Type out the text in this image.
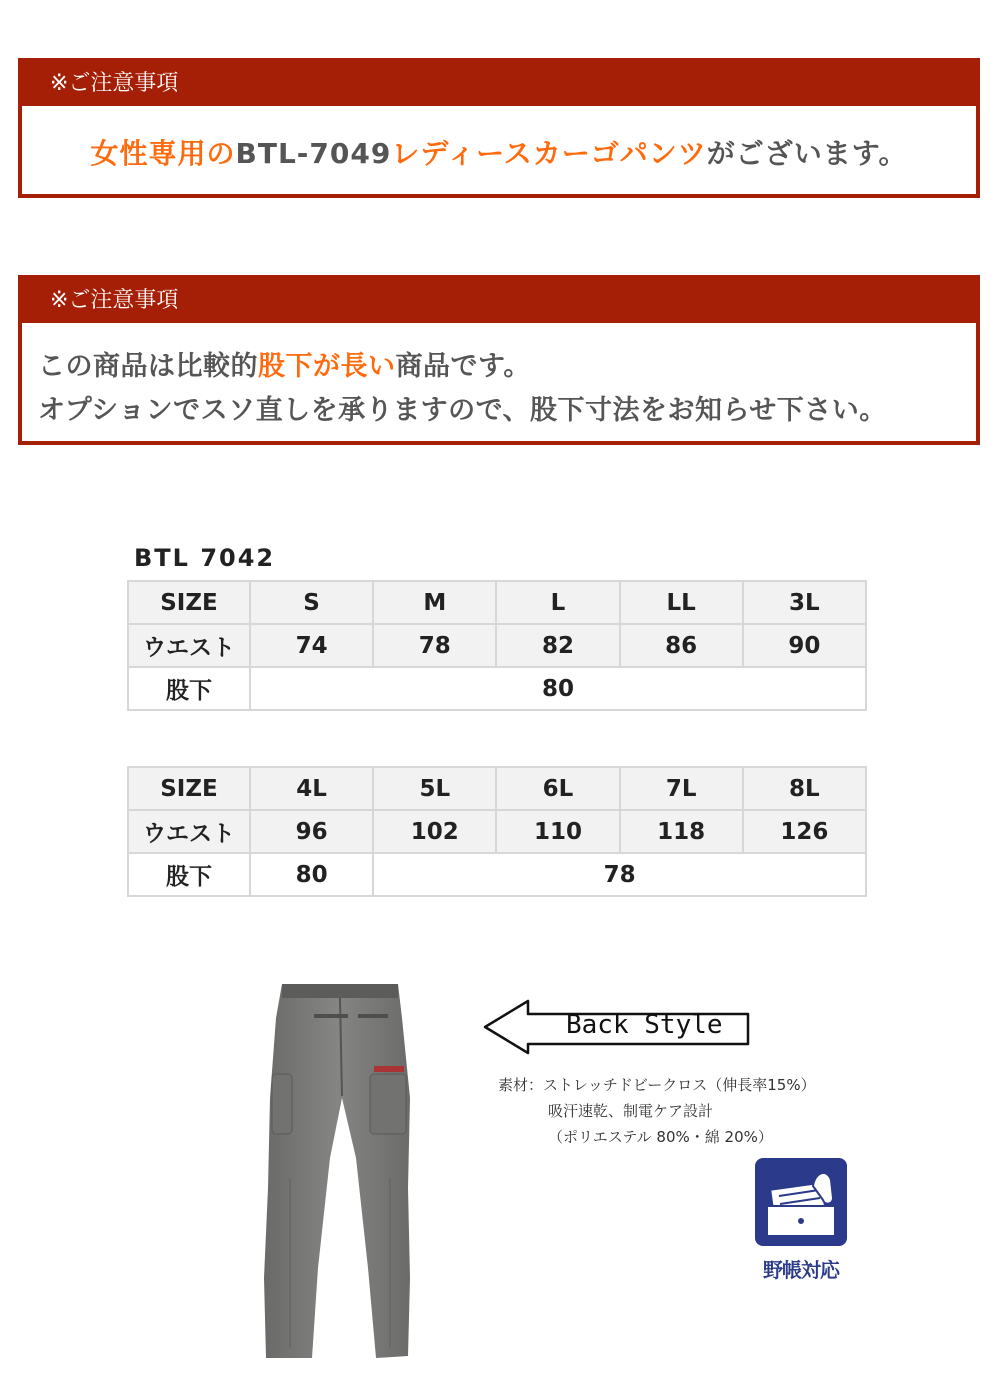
※ご注意事項
女性専用のBTL-7049レディースカーゴパンツがございます。
※ご注意事項
この商品は比較的股下が長い商品です。
オプションでスソ直しを承りますので、股下寸法をお知らせ下さい。
BTL 7042
SIZE	S	M	L	LL	3L
ウエスト	74	78	82	86	90
股下	80				
SIZE	4L	5L	6L	7L	8L
ウエスト	96	102	110	118	126
股下	80	78			
Back Style
素材：ストレッチドビークロス（伸長率15%）
吸汗速乾、制電ケア設計
（ポリエステル 80%・綿 20%）
野帳対応
